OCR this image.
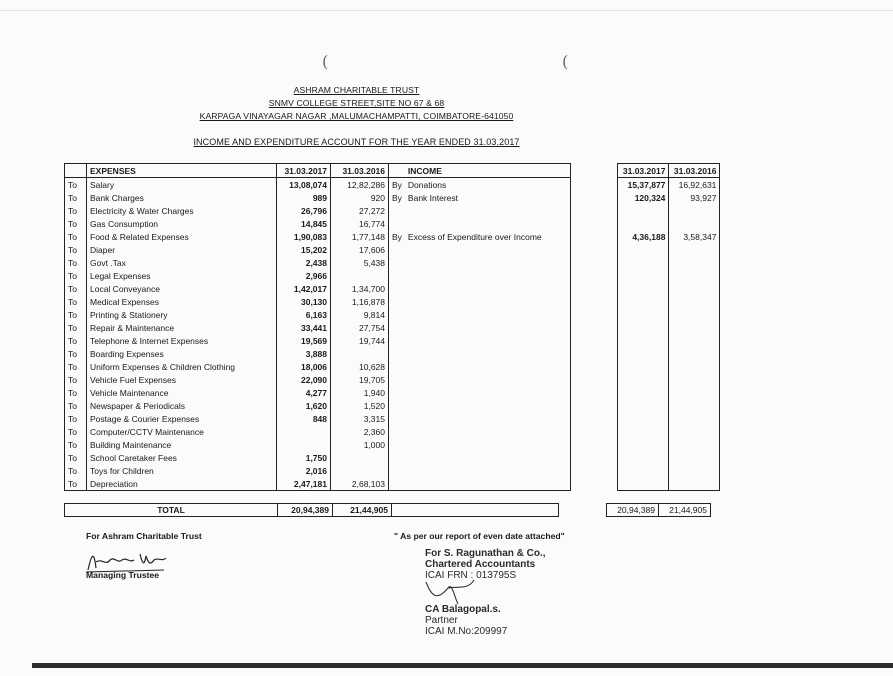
(	(
ASHRAM CHARITABLE TRUST
SNMV COLLEGE STREET,SITE NO 67 & 68
KARPAGA VINAYAGAR NAGAR ,MALUMACHAMPATTI, COIMBATORE-641050
INCOME AND EXPENDITURE ACCOUNT FOR THE YEAR ENDED 31.03.2017
	EXPENSES	31.03.2017	31.03.2016		INCOME		31.03.2017	31.03.2016
To	Salary	13,08,074	12,82,286	By	Donations		15,37,877	16,92,631
To	Bank Charges	989	920	By	Bank Interest		120,324	93,927
To	Electricity & Water Charges	26,796	27,272					
To	Gas Consumption	14,845	16,774					
To	Food & Related Expenses	1,90,083	1,77,148	By	Excess of Expenditure over Income		4,36,188	3,58,347
To	Diaper	15,202	17,606					
To	Govt .Tax	2,438	5,438					
To	Legal Expenses	2,966						
To	Local Conveyance	1,42,017	1,34,700					
To	Medical Expenses	30,130	1,16,878					
To	Printing & Stationery	6,163	9,814					
To	Repair & Maintenance	33,441	27,754					
To	Telephone & Internet Expenses	19,569	19,744					
To	Boarding Expenses	3,888						
To	Uniform Expenses & Children Clothing	18,006	10,628					
To	Vehicle Fuel Expenses	22,090	19,705					
To	Vehicle Maintenance	4,277	1,940					
To	Newspaper & Periodicals	1,620	1,520					
To	Postage & Courier Expenses	848	3,315					
To	Computer/CCTV Maintenance		2,360					
To	Building Maintenance		1,000					
To	School Caretaker Fees	1,750						
To	Toys for Children	2,016						
To	Depreciation	2,47,181	2,68,103					
TOTAL	20,94,389	21,44,905			20,94,389	21,44,905
For Ashram Charitable Trust
Managing Trustee
" As per our report of even date attached"
For S. Ragunathan & Co.,
Chartered Accountants
ICAI FRN : 013795S
CA Balagopal.s.
Partner
ICAI M.No:209997
